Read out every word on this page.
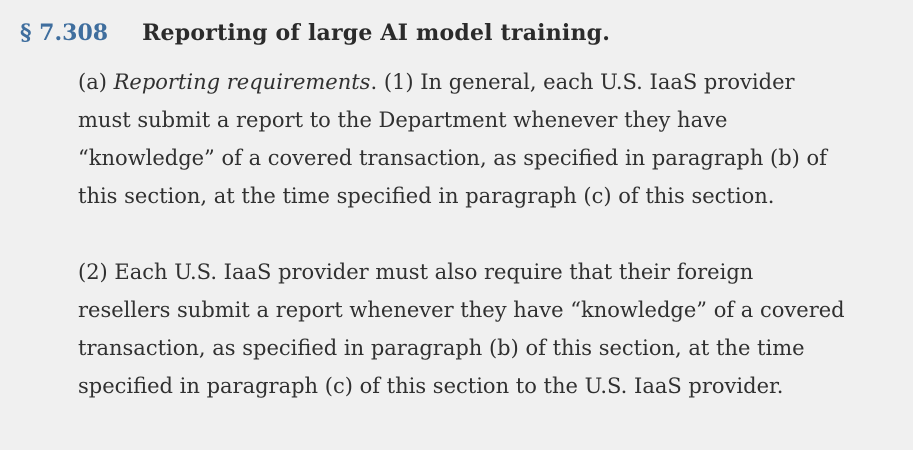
§ 7.308 Reporting of large AI model training.
(a) Reporting requirements. (1) In general, each U.S. IaaS provider
must submit a report to the Department whenever they have
“knowledge” of a covered transaction, as specified in paragraph (b) of
this section, at the time specified in paragraph (c) of this section.
(2) Each U.S. IaaS provider must also require that their foreign
resellers submit a report whenever they have “knowledge” of a covered
transaction, as specified in paragraph (b) of this section, at the time
specified in paragraph (c) of this section to the U.S. IaaS provider.
